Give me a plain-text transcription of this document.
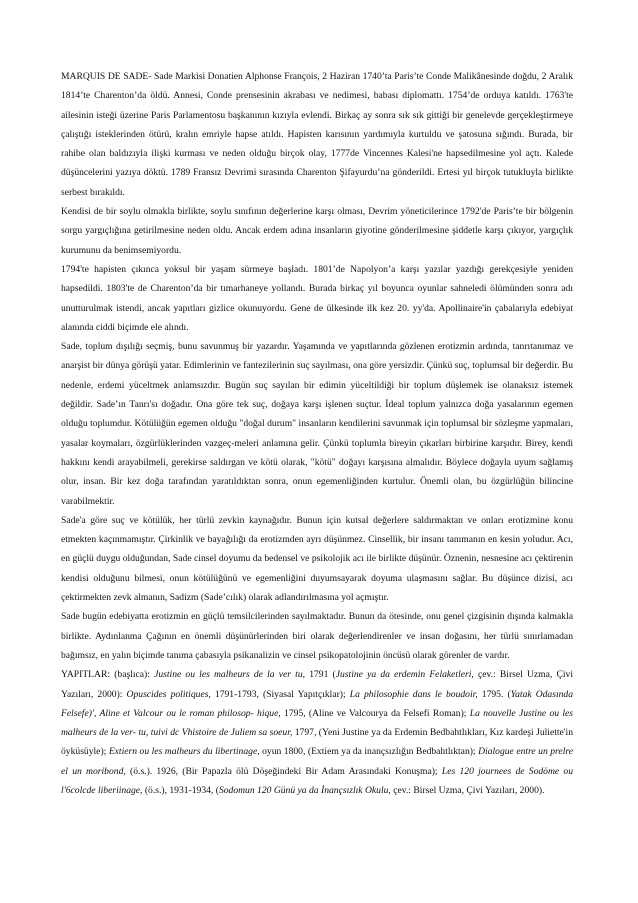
MARQUIS DE SADE- Sade Markisi Donatien Alphonse François, 2 Haziran 1740’ta Paris’te Conde Malikânesinde doğdu, 2 Aralık 1814’te Charenton’da öldü. Annesi, Conde prensesinin akrabası ve nedimesi, babası diplomattı. 1754’de orduya katıldı. 1763'te ailesinin isteği üzerine Paris Parlamentosu başkanının kızıyla evlendi. Birkaç ay sonra sık sık gittiği bir genelevde gerçekleştirmeye çalıştığı isteklerinden ötürü, kralın emriyle hapse atıldı. Hapisten karısının yardımıyla kurtuldu ve şatosuna sığındı. Burada, bir rahibe olan baldızıyla ilişki kurması ve neden olduğu birçok olay, 1777de Vincennes Kalesi'ne hapsedilmesine yol açtı. Kalede düşüncelerini yazıya döktü. 1789 Fransız Devrimi sırasında Charenton Şifayurdu’na gönderildi. Ertesi yıl birçok tutukluyla birlikte serbest bırakıldı.

Kendisi de bir soylu olmakla birlikte, soylu sınıfının değerlerine karşı olması, Devrim yöneticilerince 1792'de Paris’te bir bölgenin sorgu yargıçlığına getirilmesine neden oldu. Ancak erdem adına insanların giyotine gönderilmesine şiddetle karşı çıkıyor, yargıçlık kurumunu da benimsemiyordu.

1794'te hapisten çıkınca yoksul bir yaşam sürmeye başladı. 1801’de Napolyon’a karşı yazılar yazdığı gerekçesiyle yeniden hapsedildi. 1803'te de Charenton’da bir tımarhaneye yollandı. Burada birkaç yıl boyunca oyunlar sahneledi ölümünden sonra adı unutturulmak istendi, ancak yapıtları gizlice okunuyordu. Gene de ülkesinde ilk kez 20. yy'da. Apollinaire'in çabalarıyla edebiyat alanında ciddi biçimde ele alındı.

Sade, toplum dışılığı seçmiş, bunu savunmuş bir yazardır. Yaşamında ve yapıtlarında gözlenen erotizmin ardında, tanrıtanımaz ve anarşist bir dünya görüşü yatar. Edimlerinin ve fantezilerinin suç sayılması, ona göre yersizdir. Çünkü suç, toplumsal bir değerdir. Bu nedenle, erdemi yüceltmek anlamsızdır. Bugün suç sayılan bir edimin yüceltildiği bir toplum düşlemek ise olanaksız istemek değildir. Sade’ın Tanrı'sı doğadır. Ona göre tek suç, doğaya karşı işlenen suçtur. İdeal toplum yalnızca doğa yasalarının egemen olduğu toplumdur. Kötülüğün egemen olduğu "doğal durum" insanların kendilerini savunmak için toplumsal bir sözleşme yapmaları, yasalar koymaları, özgürlüklerinden vazgeç-meleri anlamına gelir. Çünkü toplumla bireyin çıkarları birbirine karşıdır. Birey, kendi hakkını kendi arayabilmeli, gerekirse saldırgan ve kötü olarak, "kötü" doğayı karşısına almalıdır. Böylece doğayla uyum sağlamış olur, insan. Bir kez doğa tarafından yaratıldıktan sonra, onun egemenliğinden kurtulur. Önemli olan, bu özgürlüğün bilincine varabilmektir.

Sade'a göre suç ve kötülük, her türlü zevkin kaynağıdır. Bunun için kutsal değerlere saldırmaktan ve onları erotizmine konu etmekten kaçınmamıştır. Çirkinlik ve bayağılığı da erotizmden ayrı düşünmez. Cinsellik, bir insanı tanımanın en kesin yoludur. Acı, en güçlü duygu olduğundan, Sade cinsel doyumu da bedensel ve psikolojik acı ile birlikte düşünür. Öznenin, nesnesine acı çektirenin kendisi olduğunu bilmesi, onun kötülüğünü ve egemenliğini duyumsayarak doyuma ulaşmasını sağlar. Bu düşünce dizisi, acı çektirmekten zevk almanın, Sadizm (Sade’cılık) olarak adlandırılmasına yol açmıştır.

Sade bugün edebiyatta erotizmin en güçlü temsilcilerinden sayılmaktadır. Bunun da ötesinde, onu genel çizgisinin dışında kalmakla birlikte. Aydınlanma Çağının en önemli düşünürlerinden biri olarak değerlendirenler ve insan doğasını, her türlü sınırlamadan bağımsız, en yalın biçimde tanıma çabasıyla psikanalizin ve cinsel psikopatolojinin öncüsü olarak görenler de vardır.

YAPITLAR: (başlıca): Justine ou les malheurs de la ver tu, 1791 (Justine ya da erdemin Felaketleri, çev.: Birsel Uzma, Çivi Yazıları, 2000): Opuscides politiques, 1791-1793, (Siyasal Yapıtçıklar); La philosophie dans le boudoir, 1795. (Yatak Odasında Felsefe)', Aline et Valcour ou le roman philosop- hique, 1795, (Aline ve Valcourya da Felsefi Roman); La nouvelle Justine ou les malheurs de la ver- tu, tuivi dc Vhistoire de Juliem sa soeur, 1797, (Yeni Justine ya da Erdemin Bedbahtlıkları, Kız kardeşi Juliette'in öyküsüyle); Extiern ou les malheurs du libertinage, oyun 1800, (Extiem ya da inançsızlığın Bedbahtlıktan); Dialogue entre un prelre el un moribond, (ö.s.). 1926, (Bir Papazla ölü Döşeğindeki Bir Adam Arasındaki Konuşma); Les 120 journees de Sodöme ou l'6colcde liberiinage, (ö.s.), 1931-1934, (Sodomun 120 Günü ya da İnançsızlık Okulu, çev.: Birsel Uzma, Çivi Yazıları, 2000).
